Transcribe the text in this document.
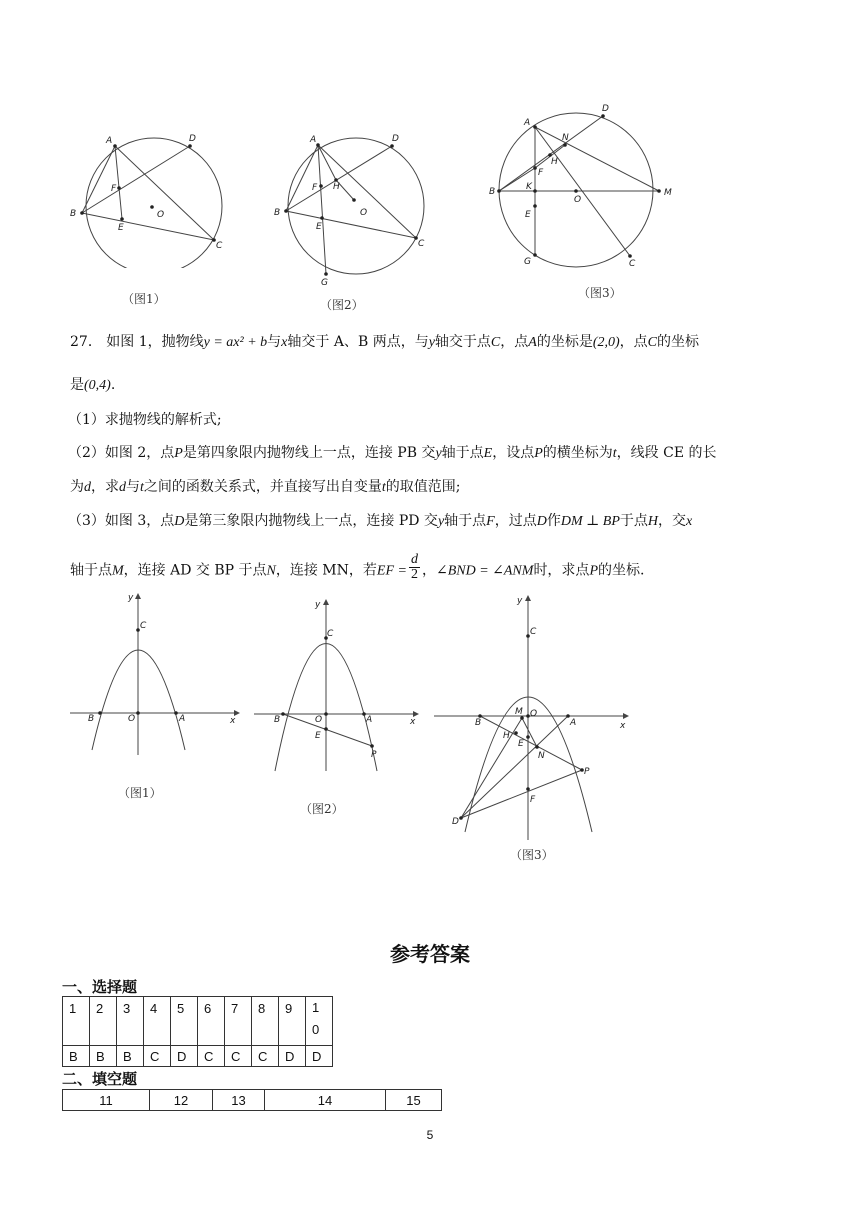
A	D
F
B
E
O
C
（图1）
A	D
F H
B	O
E
C
G
（图2）
A
D
N
H
F
B	K
O
M
E
G	C
（图3）
27． 如图 1，抛物线y = ax² + b与x轴交于 A、B 两点，与y轴交于点C，点A的坐标是(2,0)，点C的坐标
是(0,4).
（1）求抛物线的解析式;
（2）如图 2，点P是第四象限内抛物线上一点，连接 PB 交y轴于点E，设点P的横坐标为t，线段 CE 的长
为d，求d与t之间的函数关系式，并直接写出自变量t的取值范围;
（3）如图 3，点D是第三象限内抛物线上一点，连接 PD 交y轴于点F，过点D作DM ⊥ BP于点H，交x
轴于点M，连接 AD 交 BP 于点N，连接 MN，若EF = $\frac{d}{2}$ ，∠BND = ∠ANM时，求点P的坐标.
y
C
B	O	A	x
（图1）
y
C
B	O	A	x
E
P
（图2）
y
C
M O
B	A	x
H
E
N
P
F
D
（图3）
参考答案
一、选择题
1	2	3	4	5	6	7	8	9	1
0
B	B	B	C	D	C	C	C	D	D
二、填空题
11	12	13	14	15
5
